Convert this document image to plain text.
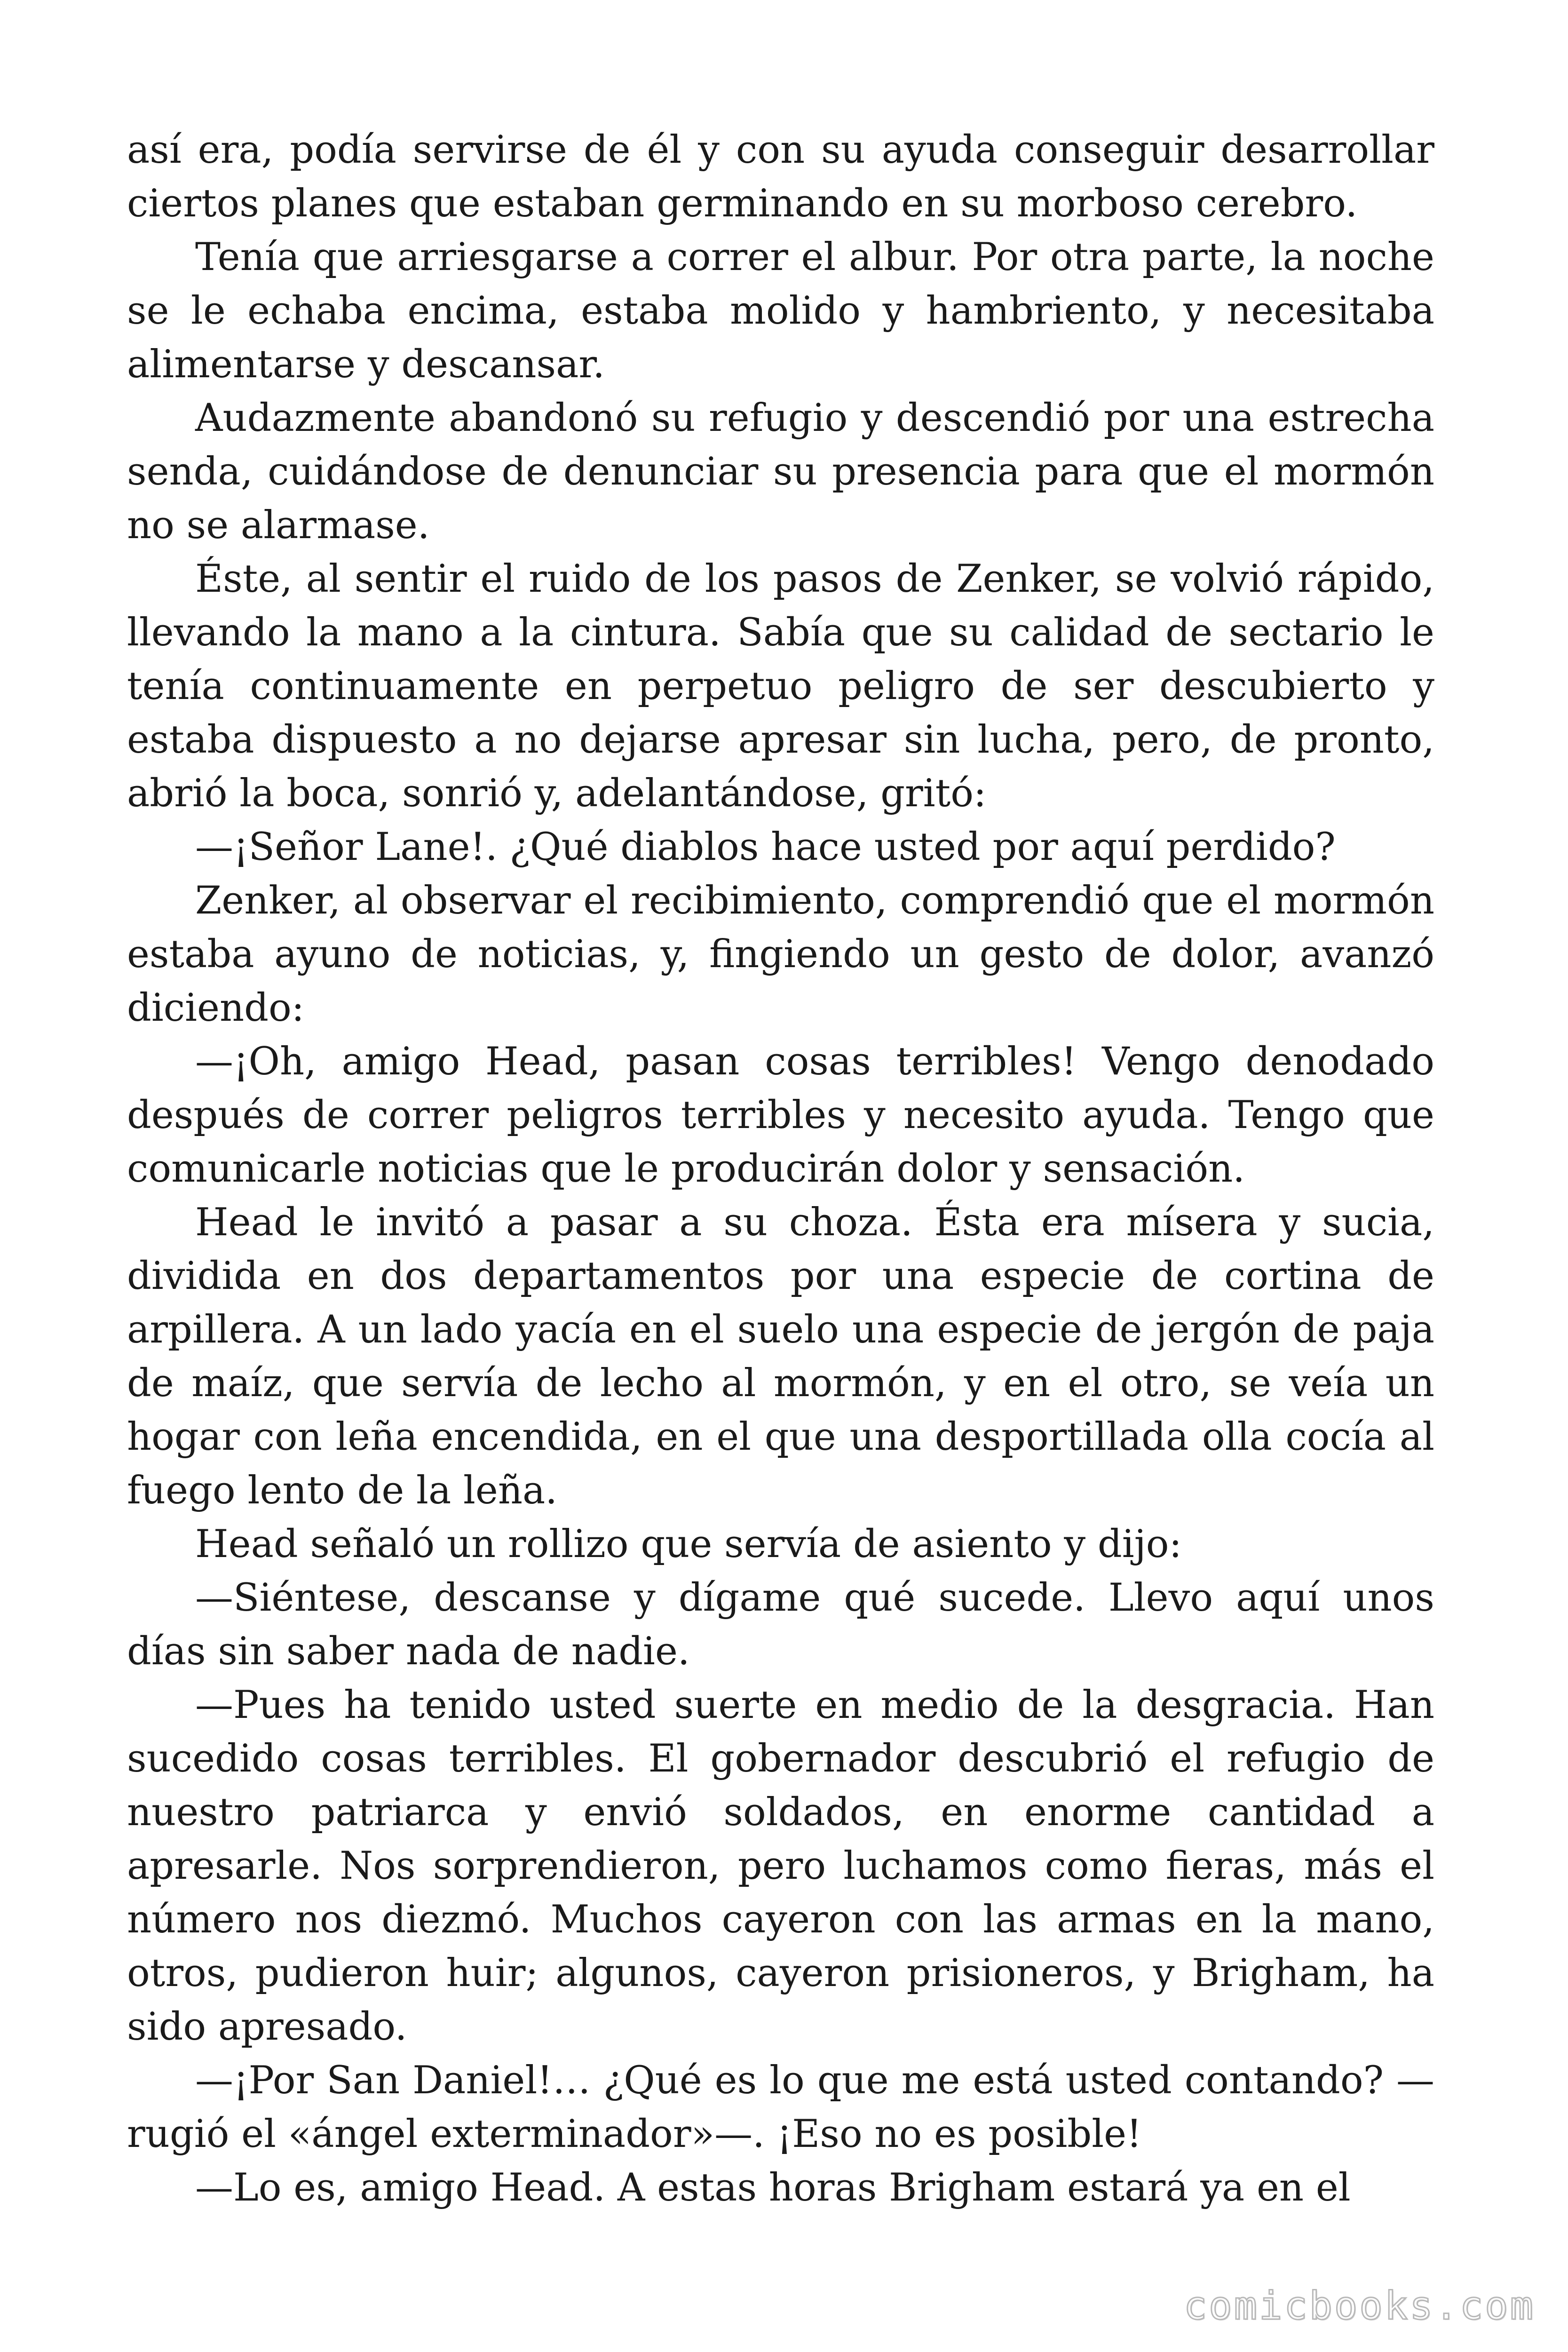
así era, podía servirse de él y con su ayuda conseguir desarrollar ciertos planes que estaban germinando en su morboso cerebro.

Tenía que arriesgarse a correr el albur. Por otra parte, la noche se le echaba encima, estaba molido y hambriento, y necesitaba alimentarse y descansar.

Audazmente abandonó su refugio y descendió por una estrecha senda, cuidándose de denunciar su presencia para que el mormón no se alarmase.

Éste, al sentir el ruido de los pasos de Zenker, se volvió rápido, llevando la mano a la cintura. Sabía que su calidad de sectario le tenía continuamente en perpetuo peligro de ser descubierto y estaba dispuesto a no dejarse apresar sin lucha, pero, de pronto, abrió la boca, sonrió y, adelantándose, gritó:

—¡Señor Lane!. ¿Qué diablos hace usted por aquí perdido?

Zenker, al observar el recibimiento, comprendió que el mormón estaba ayuno de noticias, y, fingiendo un gesto de dolor, avanzó diciendo:

—¡Oh, amigo Head, pasan cosas terribles! Vengo denodado después de correr peligros terribles y necesito ayuda. Tengo que comunicarle noticias que le producirán dolor y sensación.

Head le invitó a pasar a su choza. Ésta era mísera y sucia, dividida en dos departamentos por una especie de cortina de arpillera. A un lado yacía en el suelo una especie de jergón de paja de maíz, que servía de lecho al mormón, y en el otro, se veía un hogar con leña encendida, en el que una desportillada olla cocía al fuego lento de la leña.

Head señaló un rollizo que servía de asiento y dijo:

—Siéntese, descanse y dígame qué sucede. Llevo aquí unos días sin saber nada de nadie.

—Pues ha tenido usted suerte en medio de la desgracia. Han sucedido cosas terribles. El gobernador descubrió el refugio de nuestro patriarca y envió soldados, en enorme cantidad a apresarle. Nos sorprendieron, pero luchamos como fieras, más el número nos diezmó. Muchos cayeron con las armas en la mano, otros, pudieron huir; algunos, cayeron prisioneros, y Brigham, ha sido apresado.

—¡Por San Daniel!… ¿Qué es lo que me está usted contando? —rugió el «ángel exterminador»—. ¡Eso no es posible!

—Lo es, amigo Head. A estas horas Brigham estará ya en el

comicbooks.com
